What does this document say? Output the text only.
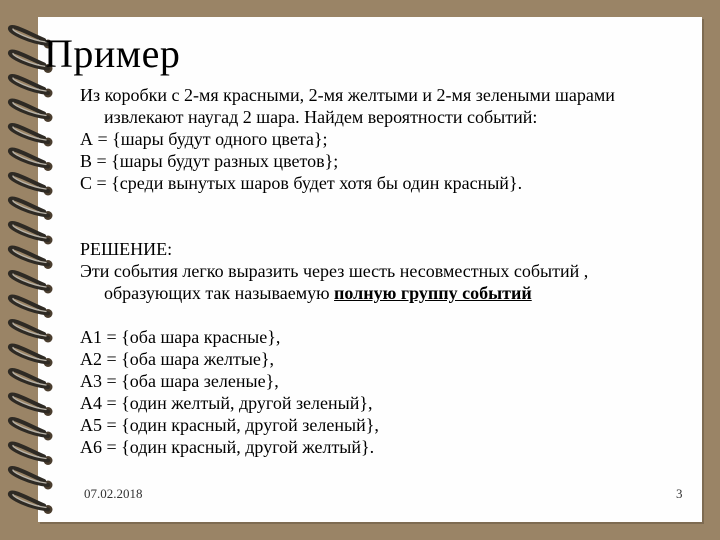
Пример

Из коробки с 2-мя красными, 2-мя желтыми и 2-мя зелеными шарами

извлекают наугад 2 шара. Найдем вероятности событий:

А = {шары будут одного цвета};

В = {шары будут разных цветов};

С = {среди вынутых шаров будет хотя бы один красный}.

РЕШЕНИЕ:

Эти события легко выразить через шесть несовместных событий ,

образующих так называемую полную группу событий

А1 = {оба шара красные},

А2 = {оба шара желтые},

А3 = {оба шара зеленые},

А4 = {один желтый, другой зеленый},

А5 = {один красный, другой зеленый},

А6 = {один красный, другой желтый}.

07.02.2018	3
